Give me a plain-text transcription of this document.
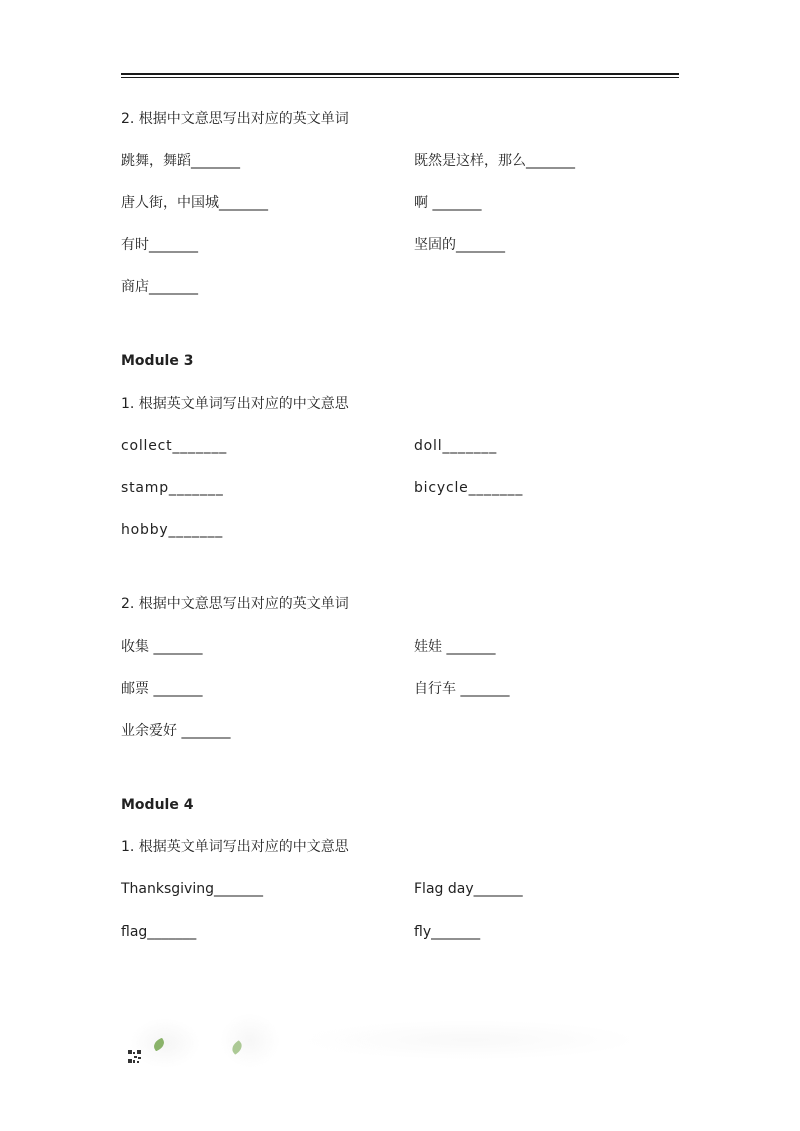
2. 根据中文意思写出对应的英文单词
跳舞，舞蹈_______	既然是这样，那么_______
唐人街，中国城_______	啊 _______
有时_______	坚固的_______
商店_______
Module 3
1. 根据英文单词写出对应的中文意思
collect_______	doll_______
stamp_______	bicycle_______
hobby_______
2. 根据中文意思写出对应的英文单词
收集 _______	娃娃 _______
邮票 _______	自行车 _______
业余爱好 _______
Module 4
1. 根据英文单词写出对应的中文意思
Thanksgiving_______	Flag day_______
flag_______	fly_______
